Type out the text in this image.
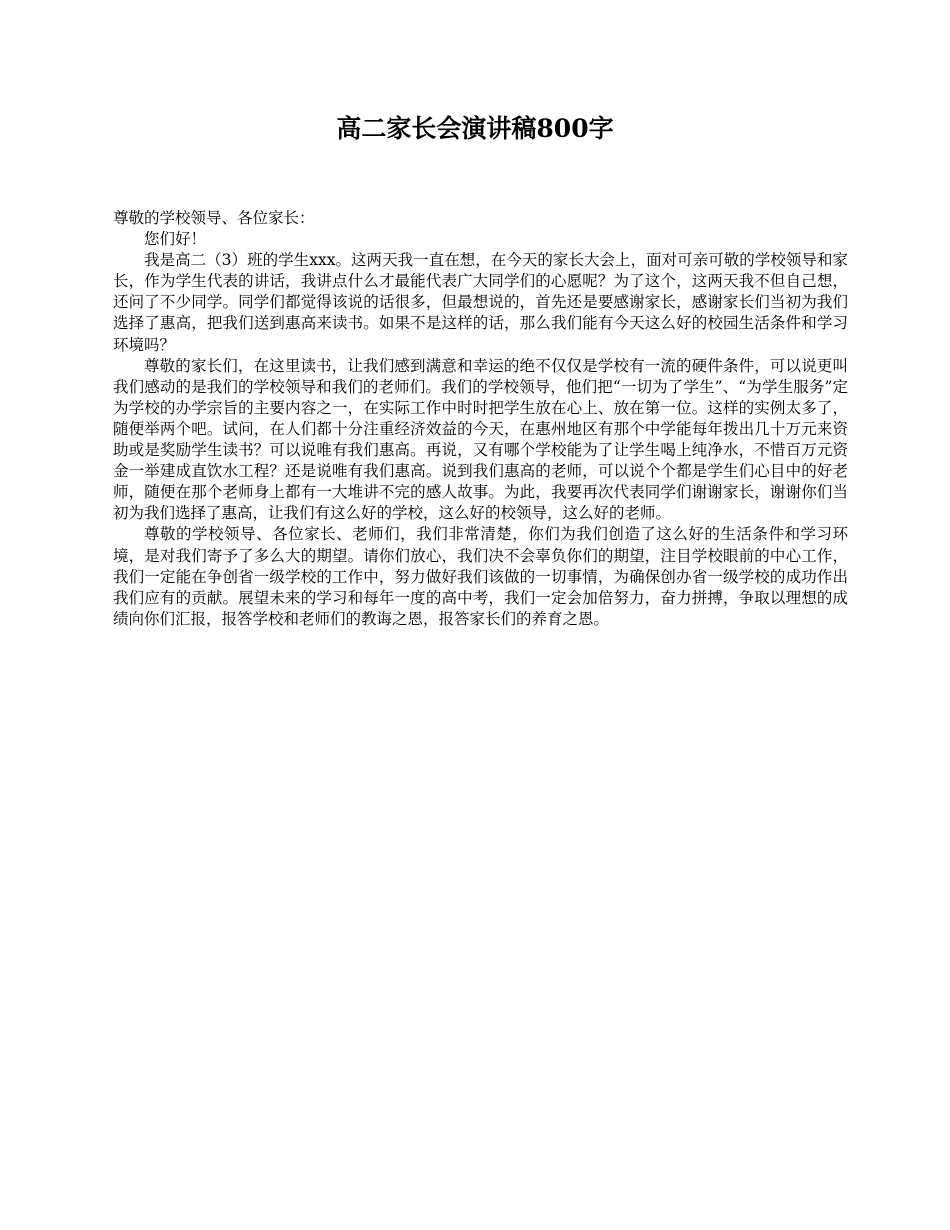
高二家长会演讲稿800字

尊敬的学校领导、各位家长：

您们好！

我是高二（3）班的学生xxx。这两天我一直在想，在今天的家长大会上，面对可亲可敬的学校领导和家长，作为学生代表的讲话，我讲点什么才最能代表广大同学们的心愿呢？为了这个，这两天我不但自己想，还问了不少同学。同学们都觉得该说的话很多，但最想说的，首先还是要感谢家长，感谢家长们当初为我们选择了惠高，把我们送到惠高来读书。如果不是这样的话，那么我们能有今天这么好的校园生活条件和学习环境吗？

尊敬的家长们，在这里读书，让我们感到满意和幸运的绝不仅仅是学校有一流的硬件条件，可以说更叫我们感动的是我们的学校领导和我们的老师们。我们的学校领导，他们把“一切为了学生”、“为学生服务”定为学校的办学宗旨的主要内容之一，在实际工作中时时把学生放在心上、放在第一位。这样的实例太多了，随便举两个吧。试问，在人们都十分注重经济效益的今天，在惠州地区有那个中学能每年拨出几十万元来资助或是奖励学生读书？可以说唯有我们惠高。再说，又有哪个学校能为了让学生喝上纯净水，不惜百万元资金一举建成直饮水工程？还是说唯有我们惠高。说到我们惠高的老师，可以说个个都是学生们心目中的好老师，随便在那个老师身上都有一大堆讲不完的感人故事。为此，我要再次代表同学们谢谢家长，谢谢你们当初为我们选择了惠高，让我们有这么好的学校，这么好的校领导，这么好的老师。

尊敬的学校领导、各位家长、老师们，我们非常清楚，你们为我们创造了这么好的生活条件和学习环境，是对我们寄予了多么大的期望。请你们放心，我们决不会辜负你们的期望，注目学校眼前的中心工作，我们一定能在争创省一级学校的工作中，努力做好我们该做的一切事情，为确保创办省一级学校的成功作出我们应有的贡献。展望未来的学习和每年一度的高中考，我们一定会加倍努力，奋力拼搏，争取以理想的成绩向你们汇报，报答学校和老师们的教诲之恩，报答家长们的养育之恩。
